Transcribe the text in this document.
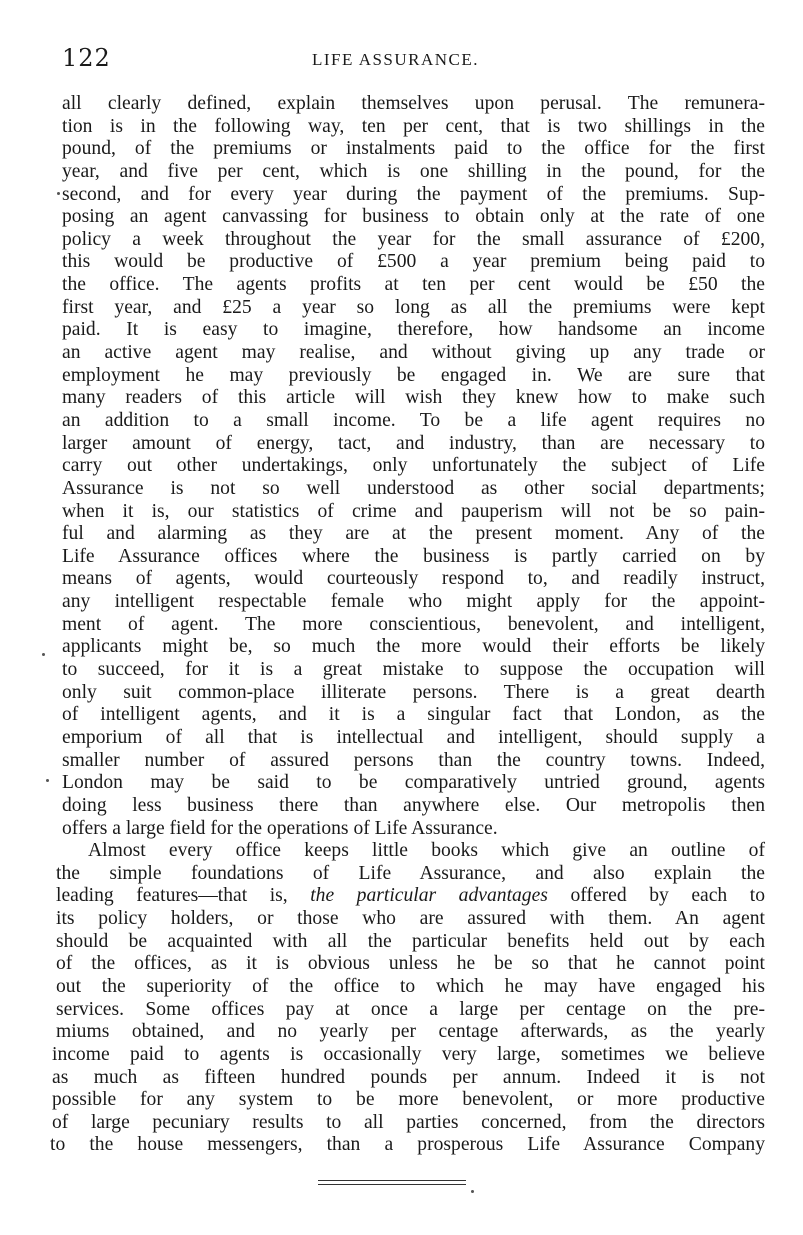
122	LIFE ASSURANCE.
all clearly defined, explain themselves upon perusal. The remunera-
tion is in the following way, ten per cent, that is two shillings in the
pound, of the premiums or instalments paid to the office for the first
year, and five per cent, which is one shilling in the pound, for the
second, and for every year during the payment of the premiums. Sup-
posing an agent canvassing for business to obtain only at the rate of one
policy a week throughout the year for the small assurance of £200,
this would be productive of £500 a year premium being paid to
the office. The agents profits at ten per cent would be £50 the
first year, and £25 a year so long as all the premiums were kept
paid. It is easy to imagine, therefore, how handsome an income
an active agent may realise, and without giving up any trade or
employment he may previously be engaged in. We are sure that
many readers of this article will wish they knew how to make such
an addition to a small income. To be a life agent requires no
larger amount of energy, tact, and industry, than are necessary to
carry out other undertakings, only unfortunately the subject of Life
Assurance is not so well understood as other social departments;
when it is, our statistics of crime and pauperism will not be so pain-
ful and alarming as they are at the present moment. Any of the
Life Assurance offices where the business is partly carried on by
means of agents, would courteously respond to, and readily instruct,
any intelligent respectable female who might apply for the appoint-
ment of agent. The more conscientious, benevolent, and intelligent,
applicants might be, so much the more would their efforts be likely
to succeed, for it is a great mistake to suppose the occupation will
only suit common-place illiterate persons. There is a great dearth
of intelligent agents, and it is a singular fact that London, as the
emporium of all that is intellectual and intelligent, should supply a
smaller number of assured persons than the country towns. Indeed,
London may be said to be comparatively untried ground, agents
doing less business there than anywhere else. Our metropolis then
offers a large field for the operations of Life Assurance.
Almost every office keeps little books which give an outline of
the simple foundations of Life Assurance, and also explain the
leading features—that is, the particular advantages offered by each to
its policy holders, or those who are assured with them. An agent
should be acquainted with all the particular benefits held out by each
of the offices, as it is obvious unless he be so that he cannot point
out the superiority of the office to which he may have engaged his
services. Some offices pay at once a large per centage on the pre-
miums obtained, and no yearly per centage afterwards, as the yearly
income paid to agents is occasionally very large, sometimes we believe
as much as fifteen hundred pounds per annum. Indeed it is not
possible for any system to be more benevolent, or more productive
of large pecuniary results to all parties concerned, from the directors
to the house messengers, than a prosperous Life Assurance Company
